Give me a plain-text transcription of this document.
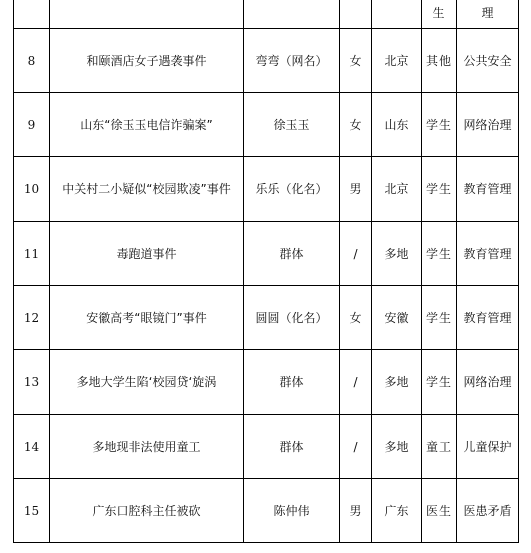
					生	理
8	和颐酒店女子遇袭事件	弯弯（网名）	女	北京	其他	公共安全
9	山东“徐玉玉电信诈骗案”	徐玉玉	女	山东	学生	网络治理
10	中关村二小疑似“校园欺凌”事件	乐乐（化名）	男	北京	学生	教育管理
11	毒跑道事件	群体	/	多地	学生	教育管理
12	安徽高考“眼镜门”事件	圆圆（化名）	女	安徽	学生	教育管理
13	多地大学生陷‘校园贷‘旋涡	群体	/	多地	学生	网络治理
14	多地现非法使用童工	群体	/	多地	童工	儿童保护
15	广东口腔科主任被砍	陈仲伟	男	广东	医生	医患矛盾
